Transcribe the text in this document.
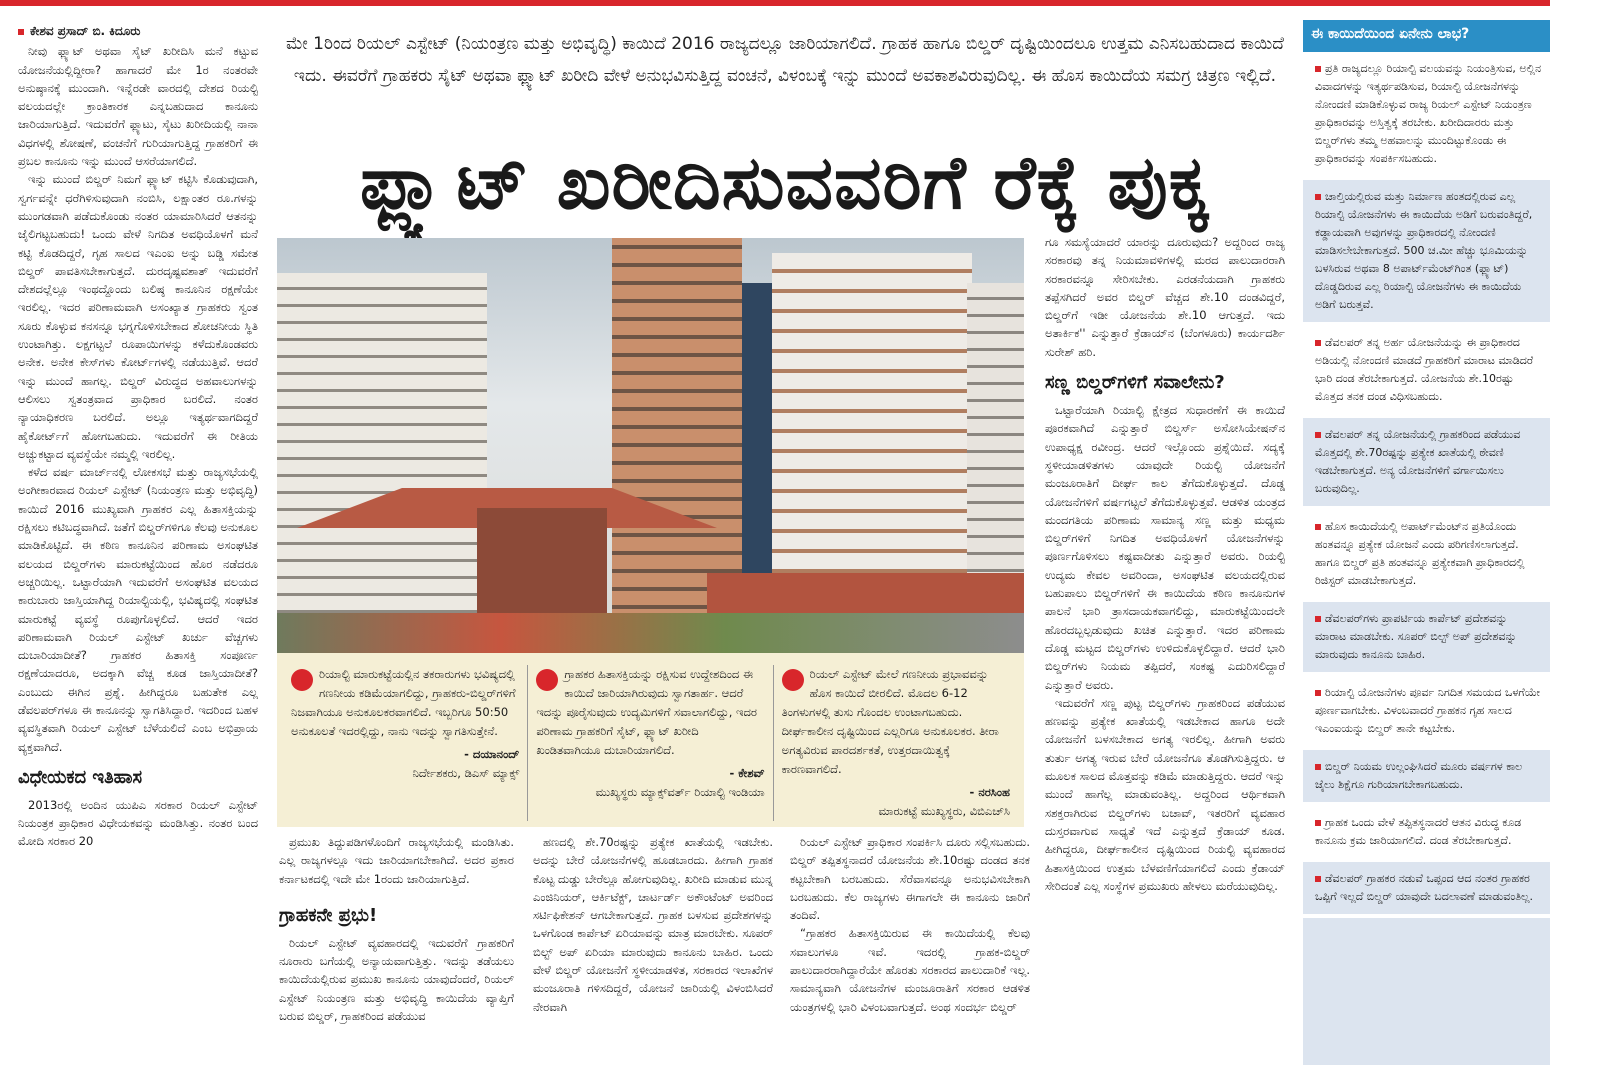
ಕೇಶವ ಪ್ರಸಾದ್ ಬಿ. ಕಿದೂರು

ನೀವು ಫ್ಲ್ಯಾಟ್ ಅಥವಾ ಸೈಟ್ ಖರೀದಿಸಿ ಮನೆ ಕಟ್ಟುವ ಯೋಜನೆಯಲ್ಲಿದ್ದೀರಾ? ಹಾಗಾದರೆ ಮೇ 1ರ ನಂತರವೇ ಅನುಷ್ಠಾನಕ್ಕೆ ಮುಂದಾಗಿ. ಇನ್ನೆರಡೇ ವಾರದಲ್ಲಿ ದೇಶದ ರಿಯಲ್ಟಿ ವಲಯದಲ್ಲೇ ಕ್ರಾಂತಿಕಾರಕ ಎನ್ನಬಹುದಾದ ಕಾನೂನು ಜಾರಿಯಾಗುತ್ತಿದೆ. ಇದುವರೆಗೆ ಫ್ಲ್ಯಾಟು, ಸೈಟು ಖರೀದಿಯಲ್ಲಿ ನಾನಾ ವಿಧಗಳಲ್ಲಿ ಶೋಷಣೆ, ವಂಚನೆಗೆ ಗುರಿಯಾಗುತ್ತಿದ್ದ ಗ್ರಾಹಕರಿಗೆ ಈ ಪ್ರಬಲ ಕಾನೂನು ಇನ್ನು ಮುಂದೆ ಆಸರೆಯಾಗಲಿದೆ.

ಇನ್ನು ಮುಂದೆ ಬಿಲ್ಡರ್ ನಿಮಗೆ ಫ್ಲ್ಯಾಟ್ ಕಟ್ಟಿಸಿ ಕೊಡುವುದಾಗಿ, ಸ್ವರ್ಗವನ್ನೇ ಧರೆಗಿಳಿಸುವುದಾಗಿ ನಂಬಿಸಿ, ಲಕ್ಷಾಂತರ ರೂ.ಗಳನ್ನು ಮುಂಗಡವಾಗಿ ಪಡೆದುಕೊಂಡು ನಂತರ ಯಾಮಾರಿಸಿದರೆ ಆತನನ್ನು ಜೈಲಿಗಟ್ಟಬಹುದು! ಒಂದು ವೇಳೆ ನಿಗದಿತ ಅವಧಿಯೊಳಗೆ ಮನೆ ಕಟ್ಟಿ ಕೊಡದಿದ್ದರೆ, ಗೃಹ ಸಾಲದ ಇಎಂಐ ಅನ್ನು ಬಡ್ಡಿ ಸಮೇತ ಬಿಲ್ಡರ್ ಪಾವತಿಸಬೇಕಾಗುತ್ತದೆ. ದುರದೃಷ್ಟವಶಾತ್ ಇದುವರೆಗೆ ದೇಶದಲ್ಲೆಲ್ಲೂ ಇಂಥದ್ದೊಂದು ಬಲಿಷ್ಠ ಕಾನೂನಿನ ರಕ್ಷಣೆಯೇ ಇರಲಿಲ್ಲ. ಇದರ ಪರಿಣಾಮವಾಗಿ ಅಸಂಖ್ಯಾತ ಗ್ರಾಹಕರು ಸ್ವಂತ ಸೂರು ಕೊಳ್ಳುವ ಕನಸನ್ನೂ ಭಗ್ನಗೊಳಿಸಬೇಕಾದ ಶೋಚನೀಯ ಸ್ಥಿತಿ ಉಂಟಾಗಿತ್ತು. ಲಕ್ಷಗಟ್ಟಲೆ ರೂಪಾಯಿಗಳನ್ನು ಕಳೆದುಕೊಂಡವರು ಅನೇಕ. ಅನೇಕ ಕೇಸ್‌ಗಳು ಕೋರ್ಟ್‌ಗಳಲ್ಲಿ ನಡೆಯುತ್ತಿವೆ. ಆದರೆ ಇನ್ನು ಮುಂದೆ ಹಾಗಲ್ಲ. ಬಿಲ್ಡರ್ ವಿರುದ್ಧದ ಅಹವಾಲುಗಳನ್ನು ಆಲಿಸಲು ಸ್ವತಂತ್ರವಾದ ಪ್ರಾಧಿಕಾರ ಬರಲಿದೆ. ನಂತರ ನ್ಯಾಯಾಧಿಕರಣ ಬರಲಿದೆ. ಅಲ್ಲೂ ಇತ್ಯರ್ಥವಾಗದಿದ್ದರೆ ಹೈಕೋರ್ಟ್‌ಗೆ ಹೋಗಬಹುದು. ಇದುವರೆಗೆ ಈ ರೀತಿಯ ಅಚ್ಚುಕಟ್ಟಾದ ವ್ಯವಸ್ಥೆಯೇ ನಮ್ಮಲ್ಲಿ ಇರಲಿಲ್ಲ.

ಕಳೆದ ವರ್ಷ ಮಾರ್ಚ್‌ನಲ್ಲಿ ಲೋಕಸಭೆ ಮತ್ತು ರಾಜ್ಯಸಭೆಯಲ್ಲಿ ಅಂಗೀಕಾರವಾದ ರಿಯಲ್ ಎಸ್ಟೇಟ್ (ನಿಯಂತ್ರಣ ಮತ್ತು ಅಭಿವೃದ್ಧಿ) ಕಾಯಿದೆ 2016 ಮುಖ್ಯವಾಗಿ ಗ್ರಾಹಕರ ಎಲ್ಲ ಹಿತಾಸಕ್ತಿಯನ್ನು ರಕ್ಷಿಸಲು ಕಟಿಬದ್ಧವಾಗಿದೆ. ಜತೆಗೆ ಬಿಲ್ಡರ್‌ಗಳಿಗೂ ಕೆಲವು ಅನುಕೂಲ ಮಾಡಿಕೊಟ್ಟಿದೆ. ಈ ಕಠಿಣ ಕಾನೂನಿನ ಪರಿಣಾಮ ಅಸಂಘಟಿತ ವಲಯದ ಬಿಲ್ಡರ್‌ಗಳು ಮಾರುಕಟ್ಟೆಯಿಂದ ಹೊರ ನಡೆದರೂ ಅಚ್ಚರಿಯಿಲ್ಲ. ಒಟ್ಟಾರೆಯಾಗಿ ಇದುವರೆಗೆ ಅಸಂಘಟಿತ ವಲಯದ ಕಾರುಬಾರು ಜಾಸ್ತಿಯಾಗಿದ್ದ ರಿಯಾಲ್ಟಿಯಲ್ಲಿ, ಭವಿಷ್ಯದಲ್ಲಿ ಸಂಘಟಿತ ಮಾರುಕಟ್ಟೆ ವ್ಯವಸ್ಥೆ ರೂಪುಗೊಳ್ಳಲಿದೆ. ಆದರೆ ಇದರ ಪರಿಣಾಮವಾಗಿ ರಿಯಲ್ ಎಸ್ಟೇಟ್ ಖರ್ಚು ವೆಚ್ಚಗಳು ದುಬಾರಿಯಾದೀತೆ? ಗ್ರಾಹಕರ ಹಿತಾಸಕ್ತಿ ಸಂಪೂರ್ಣ ರಕ್ಷಣೆಯಾದರೂ, ಅದಕ್ಕಾಗಿ ವೆಚ್ಚ ಕೂಡ ಜಾಸ್ತಿಯಾದೀತೆ? ಎಂಬುದು ಈಗಿನ ಪ್ರಶ್ನೆ. ಹೀಗಿದ್ದರೂ ಬಹುತೇಕ ಎಲ್ಲ ಡೆವಲಪರ್‌ಗಳೂ ಈ ಕಾನೂನನ್ನು ಸ್ವಾಗತಿಸಿದ್ದಾರೆ. ಇದರಿಂದ ಬಹಳ ವ್ಯವಸ್ಥಿತವಾಗಿ ರಿಯಲ್ ಎಸ್ಟೇಟ್ ಬೆಳೆಯಲಿದೆ ಎಂಬ ಅಭಿಪ್ರಾಯ ವ್ಯಕ್ತವಾಗಿದೆ.

ವಿಧೇಯಕದ ಇತಿಹಾಸ

2013ರಲ್ಲಿ ಅಂದಿನ ಯುಪಿಎ ಸರಕಾರ ರಿಯಲ್ ಎಸ್ಟೇಟ್ ನಿಯಂತ್ರಕ ಪ್ರಾಧಿಕಾರ ವಿಧೇಯಕವನ್ನು ಮಂಡಿಸಿತ್ತು. ನಂತರ ಬಂದ ಮೋದಿ ಸರಕಾರ 20

ಮೇ 1ರಿಂದ ರಿಯಲ್ ಎಸ್ಟೇಟ್ (ನಿಯಂತ್ರಣ ಮತ್ತು ಅಭಿವೃದ್ಧಿ) ಕಾಯಿದೆ 2016 ರಾಜ್ಯದಲ್ಲೂ ಜಾರಿಯಾಗಲಿದೆ. ಗ್ರಾಹಕ ಹಾಗೂ ಬಿಲ್ಡರ್ ದೃಷ್ಟಿಯಿಂದಲೂ ಉತ್ತಮ ಎನಿಸಬಹುದಾದ ಕಾಯಿದೆ ಇದು. ಈವರೆಗೆ ಗ್ರಾಹಕರು ಸೈಟ್ ಅಥವಾ ಫ್ಲ್ಯಾಟ್ ಖರೀದಿ ವೇಳೆ ಅನುಭವಿಸುತ್ತಿದ್ದ ವಂಚನೆ, ವಿಳಂಬಕ್ಕೆ ಇನ್ನು ಮುಂದೆ ಅವಕಾಶವಿರುವುದಿಲ್ಲ. ಈ ಹೊಸ ಕಾಯಿದೆಯ ಸಮಗ್ರ ಚಿತ್ರಣ ಇಲ್ಲಿದೆ.
ಫ್ಲ್ಯಾಟ್ ಖರೀದಿಸುವವರಿಗೆ ರೆಕ್ಕೆ ಪುಕ್ಕ
ರಿಯಾಲ್ಟಿ ಮಾರುಕಟ್ಟೆಯಲ್ಲಿನ ತಕರಾರುಗಳು ಭವಿಷ್ಯದಲ್ಲಿ ಗಣನೀಯ ಕಡಿಮೆಯಾಗಲಿದ್ದು, ಗ್ರಾಹಕರು-ಬಿಲ್ಡರ್‌ಗಳಿಗೆ ನಿಜವಾಗಿಯೂ ಅನುಕೂಲಕರವಾಗಲಿದೆ. ಇಬ್ಬರಿಗೂ 50:50 ಅನುಕೂಲತೆ ಇದರಲ್ಲಿದ್ದು, ನಾನು ಇದನ್ನು ಸ್ವಾಗತಿಸುತ್ತೇನೆ.
- ದಯಾನಂದ್
ನಿರ್ದೇಶಕರು, ಡಿಎಸ್ ಮ್ಯಾಕ್ಸ್
ಗ್ರಾಹಕರ ಹಿತಾಸಕ್ತಿಯನ್ನು ರಕ್ಷಿಸುವ ಉದ್ದೇಶದಿಂದ ಈ ಕಾಯಿದೆ ಜಾರಿಯಾಗಿರುವುದು ಸ್ವಾಗತಾರ್ಹ. ಆದರೆ ಇದನ್ನು ಪೂರೈಸುವುದು ಉದ್ಯಮಿಗಳಿಗೆ ಸವಾಲಾಗಲಿದ್ದು, ಇದರ ಪರಿಣಾಮ ಗ್ರಾಹಕರಿಗೆ ಸೈಟ್, ಫ್ಲ್ಯಾಟ್ ಖರೀದಿ ಖಂಡಿತವಾಗಿಯೂ ದುಬಾರಿಯಾಗಲಿದೆ.
- ಕೇಶವ್
ಮುಖ್ಯಸ್ಥರು ಮ್ಯಾಕ್ಸ್‌ವರ್ತ್ ರಿಯಾಲ್ಟಿ ಇಂಡಿಯಾ
ರಿಯಲ್ ಎಸ್ಟೇಟ್ ಮೇಲೆ ಗಣನೀಯ ಪ್ರಭಾವವನ್ನು ಹೊಸ ಕಾಯಿದೆ ಬೀರಲಿದೆ. ಮೊದಲ 6-12 ತಿಂಗಳುಗಳಲ್ಲಿ ತುಸು ಗೊಂದಲ ಉಂಟಾಗಬಹುದು. ದೀರ್ಘಕಾಲೀನ ದೃಷ್ಟಿಯಿಂದ ಎಲ್ಲರಿಗೂ ಅನುಕೂಲಕರ. ತೀರಾ ಅಗತ್ಯವಿರುವ ಪಾರದರ್ಶಕತೆ, ಉತ್ತರದಾಯಿತ್ವಕ್ಕೆ ಕಾರಣವಾಗಲಿದೆ.
- ನರಸಿಂಹ
ಮಾರುಕಟ್ಟೆ ಮುಖ್ಯಸ್ಥರು, ವಿಬಿಎಚ್‌ಸಿ

ಪ್ರಮುಖ ತಿದ್ದುಪಡಿಗಳೊಂದಿಗೆ ರಾಜ್ಯಸಭೆಯಲ್ಲಿ ಮಂಡಿಸಿತು. ಎಲ್ಲ ರಾಜ್ಯಗಳಲ್ಲೂ ಇದು ಜಾರಿಯಾಗಬೇಕಾಗಿದೆ. ಅದರ ಪ್ರಕಾರ ಕರ್ನಾಟಕದಲ್ಲಿ ಇದೇ ಮೇ 1ರಂದು ಜಾರಿಯಾಗುತ್ತಿದೆ.

ಗ್ರಾಹಕನೇ ಪ್ರಭು!

ರಿಯಲ್ ಎಸ್ಟೇಟ್ ವ್ಯವಹಾರದಲ್ಲಿ ಇದುವರೆಗೆ ಗ್ರಾಹಕರಿಗೆ ನೂರಾರು ಬಗೆಯಲ್ಲಿ ಅನ್ಯಾಯವಾಗುತ್ತಿತ್ತು. ಇದನ್ನು ತಡೆಯಲು ಕಾಯಿದೆಯಲ್ಲಿರುವ ಪ್ರಮುಖ ಕಾನೂನು ಯಾವುದೆಂದರೆ, ರಿಯಲ್ ಎಸ್ಟೇಟ್ ನಿಯಂತ್ರಣ ಮತ್ತು ಅಭಿವೃದ್ಧಿ ಕಾಯಿದೆಯ ವ್ಯಾಪ್ತಿಗೆ ಬರುವ ಬಿಲ್ಡರ್, ಗ್ರಾಹಕರಿಂದ ಪಡೆಯುವ

ಹಣದಲ್ಲಿ ಶೇ.70ರಷ್ಟನ್ನು ಪ್ರತ್ಯೇಕ ಖಾತೆಯಲ್ಲಿ ಇಡಬೇಕು. ಅದನ್ನು ಬೇರೆ ಯೋಜನೆಗಳಲ್ಲಿ ಹೂಡಬಾರದು. ಹೀಗಾಗಿ ಗ್ರಾಹಕ ಕೊಟ್ಟ ದುಡ್ಡು ಬೇರೆಲ್ಲೂ ಹೋಗುವುದಿಲ್ಲ. ಖರೀದಿ ಮಾಡುವ ಮುನ್ನ ಎಂಜಿನಿಯರ್, ಆರ್ಕಿಟೆಕ್ಟ್, ಚಾರ್ಟರ್ಡ್ ಅಕೌಂಟೆಂಟ್ ಅವರಿಂದ ಸರ್ಟಿಫಿಕೇಶನ್ ಆಗಬೇಕಾಗುತ್ತದೆ. ಗ್ರಾಹಕ ಬಳಸುವ ಪ್ರದೇಶಗಳನ್ನು ಒಳಗೊಂಡ ಕಾರ್ಪೆಟ್ ಏರಿಯಾವನ್ನು ಮಾತ್ರ ಮಾರಬೇಕು. ಸೂಪರ್ ಬಿಲ್ಟ್ ಅಪ್ ಏರಿಯಾ ಮಾರುವುದು ಕಾನೂನು ಬಾಹಿರ. ಒಂದು ವೇಳೆ ಬಿಲ್ಡರ್ ಯೋಜನೆಗೆ ಸ್ಥಳೀಯಾಡಳಿತ, ಸರಕಾರದ ಇಲಾಖೆಗಳ ಮಂಜೂರಾತಿ ಗಳಿಸದಿದ್ದರೆ, ಯೋಜನೆ ಜಾರಿಯಲ್ಲಿ ವಿಳಂಬಿಸಿದರೆ ನೇರವಾಗಿ

ರಿಯಲ್ ಎಸ್ಟೇಟ್ ಪ್ರಾಧಿಕಾರ ಸಂಪರ್ಕಿಸಿ ದೂರು ಸಲ್ಲಿಸಬಹುದು. ಬಿಲ್ಡರ್ ತಪ್ಪಿತಸ್ಥನಾದರೆ ಯೋಜನೆಯ ಶೇ.10ರಷ್ಟು ದಂಡದ ತನಕ ಕಟ್ಟಬೇಕಾಗಿ ಬರಬಹುದು. ಸೆರೆವಾಸವನ್ನೂ ಅನುಭವಿಸಬೇಕಾಗಿ ಬರಬಹುದು. ಕೆಲ ರಾಜ್ಯಗಳು ಈಗಾಗಲೇ ಈ ಕಾನೂನು ಜಾರಿಗೆ ತಂದಿವೆ.

“ಗ್ರಾಹಕರ ಹಿತಾಸಕ್ತಿಯಿರುವ ಈ ಕಾಯಿದೆಯಲ್ಲಿ ಕೆಲವು ಸವಾಲುಗಳೂ ಇವೆ. ಇದರಲ್ಲಿ ಗ್ರಾಹಕ-ಬಿಲ್ಡರ್ ಪಾಲುದಾರರಾಗಿದ್ದಾರೆಯೇ ಹೊರತು ಸರಕಾರದ ಪಾಲುದಾರಿಕೆ ಇಲ್ಲ. ಸಾಮಾನ್ಯವಾಗಿ ಯೋಜನೆಗಳ ಮಂಜೂರಾತಿಗೆ ಸರಕಾರ ಆಡಳಿತ ಯಂತ್ರಗಳಲ್ಲಿ ಭಾರಿ ವಿಳಂಬವಾಗುತ್ತದೆ. ಅಂಥ ಸಂದರ್ಭ ಬಿಲ್ಡರ್

ಗೂ ಸಮಸ್ಯೆಯಾದರೆ ಯಾರನ್ನು ದೂರುವುದು? ಅದ್ದರಿಂದ ರಾಜ್ಯ ಸರಕಾರವು ತನ್ನ ನಿಯಮಾವಳಿಗಳಲ್ಲಿ ಮರದ ಪಾಲುದಾರರಾಗಿ ಸರಕಾರವನ್ನೂ ಸೇರಿಸಬೇಕು. ಎರಡನೆಯದಾಗಿ ಗ್ರಾಹಕರು ತಪ್ಪೆಸಗಿದರೆ ಅವರ ಬಿಲ್ಡರ್ ವೆಚ್ಚದ ಶೇ.10 ದಂಡವಿದ್ದರೆ, ಬಿಲ್ಡರ್‌ಗೆ ಇಡೀ ಯೋಜನೆಯ ಶೇ.10 ಆಗುತ್ತದೆ. ಇದು ಅತಾರ್ಕಿಕ'' ಎನ್ನುತ್ತಾರೆ ಕ್ರೆಡಾಯ್‌ನ (ಬೆಂಗಳೂರು) ಕಾರ್ಯದರ್ಶಿ ಸುರೇಶ್ ಹರಿ.

ಸಣ್ಣ ಬಿಲ್ಡರ್‌ಗಳಿಗೆ ಸವಾಲೇನು?

ಒಟ್ಟಾರೆಯಾಗಿ ರಿಯಾಲ್ಟಿ ಕ್ಷೇತ್ರದ ಸುಧಾರಣೆಗೆ ಈ ಕಾಯಿದೆ ಪೂರಕವಾಗಿದೆ ಎನ್ನುತ್ತಾರೆ ಬಿಲ್ಡರ್ಸ್ ಅಸೋಸಿಯೇಷನ್‌ನ ಉಪಾಧ್ಯಕ್ಷ ರವೀಂದ್ರ. ಆದರೆ ಇಲ್ಲೊಂದು ಪ್ರಶ್ನೆಯಿದೆ. ಸದ್ಯಕ್ಕೆ ಸ್ಥಳೀಯಾಡಳಿತಗಳು ಯಾವುದೇ ರಿಯಲ್ಟಿ ಯೋಜನೆಗೆ ಮಂಜೂರಾತಿಗೆ ದೀರ್ಘ ಕಾಲ ತೆಗೆದುಕೊಳ್ಳುತ್ತದೆ. ದೊಡ್ಡ ಯೋಜನೆಗಳಿಗೆ ವರ್ಷಗಟ್ಟಲೆ ತೆಗೆದುಕೊಳ್ಳುತ್ತವೆ. ಆಡಳಿತ ಯಂತ್ರದ ಮಂದಗತಿಯ ಪರಿಣಾಮ ಸಾಮಾನ್ಯ ಸಣ್ಣ ಮತ್ತು ಮಧ್ಯಮ ಬಿಲ್ಡರ್‌ಗಳಿಗೆ ನಿಗದಿತ ಅವಧಿಯೊಳಗೆ ಯೋಜನೆಗಳನ್ನು ಪೂರ್ಣಗೊಳಿಸಲು ಕಷ್ಟವಾದೀತು ಎನ್ನುತ್ತಾರೆ ಅವರು. ರಿಯಲ್ಟಿ ಉದ್ಯಮ ಕೇವಲ ಅವರಿಂದಾ, ಅಸಂಘಟಿತ ವಲಯದಲ್ಲಿರುವ ಬಹುಪಾಲು ಬಿಲ್ಡರ್‌ಗಳಿಗೆ ಈ ಕಾಯಿದೆಯ ಕಠಿಣ ಕಾನೂನುಗಳ ಪಾಲನೆ ಭಾರಿ ತ್ರಾಸದಾಯಕವಾಗಲಿದ್ದು, ಮಾರುಕಟ್ಟೆಯಿಂದಲೇ ಹೊರದಬ್ಬಲ್ಪಡುವುದು ಖಚಿತ ಎನ್ನುತ್ತಾರೆ. ಇದರ ಪರಿಣಾಮ ದೊಡ್ಡ ಮಟ್ಟದ ಬಿಲ್ಡರ್‌ಗಳು ಉಳಿದುಕೊಳ್ಳಲಿದ್ದಾರೆ. ಆದರೆ ಭಾರಿ ಬಿಲ್ಡರ್‌ಗಳು ನಿಯಮ ತಪ್ಪಿದರೆ, ಸಂಕಷ್ಟ ಎದುರಿಸಲಿದ್ದಾರೆ ಎನ್ನುತ್ತಾರೆ ಅವರು.

ಇದುವರೆಗೆ ಸಣ್ಣ ಪುಟ್ಟ ಬಿಲ್ಡರ್‌ಗಳು ಗ್ರಾಹಕರಿಂದ ಪಡೆಯುವ ಹಣವನ್ನು ಪ್ರತ್ಯೇಕ ಖಾತೆಯಲ್ಲಿ ಇಡಬೇಕಾದ ಹಾಗೂ ಅದೇ ಯೋಜನೆಗೆ ಬಳಸಬೇಕಾದ ಅಗತ್ಯ ಇರಲಿಲ್ಲ. ಹೀಗಾಗಿ ಅವರು ತುರ್ತು ಅಗತ್ಯ ಇರುವ ಬೇರೆ ಯೋಜನೆಗೂ ತೊಡಗಿಸುತ್ತಿದ್ದರು. ಆ ಮೂಲಕ ಸಾಲದ ಮೊತ್ತವನ್ನು ಕಡಿಮೆ ಮಾಡುತ್ತಿದ್ದರು. ಆದರೆ ಇನ್ನು ಮುಂದೆ ಹಾಗೆಲ್ಲ ಮಾಡುವಂತಿಲ್ಲ. ಅದ್ದರಿಂದ ಆರ್ಥಿಕವಾಗಿ ಸಶಕ್ತರಾಗಿರುವ ಬಿಲ್ಡರ್‌ಗಳು ಬಚಾವ್, ಇತರರಿಗೆ ವ್ಯವಹಾರ ದುಸ್ತರವಾಗುವ ಸಾಧ್ಯತೆ ಇದೆ ಎನ್ನುತ್ತದೆ ಕ್ರೆಡಾಯ್ ಕೂಡ. ಹೀಗಿದ್ದರೂ, ದೀರ್ಘಕಾಲೀನ ದೃಷ್ಟಿಯಿಂದ ರಿಯಲ್ಟಿ ವ್ಯವಹಾರದ ಹಿತಾಸಕ್ತಿಯಿಂದ ಉತ್ತಮ ಬೆಳವಣಿಗೆಯಾಗಲಿದೆ ಎಂದು ಕ್ರೆಡಾಯ್ ಸೇರಿದಂತೆ ಎಲ್ಲ ಸಂಸ್ಥೆಗಳ ಪ್ರಮುಖರು ಹೇಳಲು ಮರೆಯುವುದಿಲ್ಲ.

ಈ ಕಾಯಿದೆಯಿಂದ ಏನೇನು ಲಾಭ?
ಪ್ರತಿ ರಾಜ್ಯದಲ್ಲೂ ರಿಯಾಲ್ಟಿ ವಲಯವನ್ನು ನಿಯಂತ್ರಿಸುವ, ಅಲ್ಲಿನ ವಿವಾದಗಳನ್ನು ಇತ್ಯರ್ಥಪಡಿಸುವ, ರಿಯಾಲ್ಟಿ ಯೋಜನೆಗಳನ್ನು ನೋಂದಣಿ ಮಾಡಿಕೊಳ್ಳುವ ರಾಜ್ಯ ರಿಯಲ್ ಎಸ್ಟೇಟ್ ನಿಯಂತ್ರಣ ಪ್ರಾಧಿಕಾರವನ್ನು ಅಸ್ತಿತ್ವಕ್ಕೆ ತರಬೇಕು. ಖರೀದಿದಾರರು ಮತ್ತು ಬಿಲ್ಡರ್‌ಗಳು ತಮ್ಮ ಅಹವಾಲನ್ನು ಮುಂದಿಟ್ಟುಕೊಂಡು ಈ ಪ್ರಾಧಿಕಾರವನ್ನು ಸಂಪರ್ಕಿಸಬಹುದು.
ಚಾಲ್ತಿಯಲ್ಲಿರುವ ಮತ್ತು ನಿರ್ಮಾಣ ಹಂತದಲ್ಲಿರುವ ಎಲ್ಲ ರಿಯಾಲ್ಟಿ ಯೋಜನೆಗಳು ಈ ಕಾಯಿದೆಯ ಅಡಿಗೆ ಬರುವಂತಿದ್ದರೆ, ಕಡ್ಡಾಯವಾಗಿ ಅವುಗಳನ್ನು ಪ್ರಾಧಿಕಾರದಲ್ಲಿ ನೋಂದಣಿ ಮಾಡಿಸಲೇಬೇಕಾಗುತ್ತದೆ. 500 ಚ.ಮೀ ಹೆಚ್ಚು ಭೂಮಿಯನ್ನು ಬಳಸಿರುವ ಅಥವಾ 8 ಅಪಾರ್ಟ್‌ಮೆಂಟ್‌ಗಿಂತ (ಫ್ಲ್ಯಾಟ್) ದೊಡ್ಡದಿರುವ ಎಲ್ಲ ರಿಯಾಲ್ಟಿ ಯೋಜನೆಗಳು ಈ ಕಾಯಿದೆಯ ಅಡಿಗೆ ಬರುತ್ತವೆ.
ಡೆವಲಪರ್ ತನ್ನ ಅರ್ಹ ಯೋಜನೆಯನ್ನು ಈ ಪ್ರಾಧಿಕಾರದ ಅಡಿಯಲ್ಲಿ ನೋಂದಣಿ ಮಾಡದೆ ಗ್ರಾಹಕರಿಗೆ ಮಾರಾಟ ಮಾಡಿದರೆ ಭಾರಿ ದಂಡ ತೆರಬೇಕಾಗುತ್ತದೆ. ಯೋಜನೆಯ ಶೇ.10ರಷ್ಟು ಮೊತ್ತದ ತನಕ ದಂಡ ವಿಧಿಸಬಹುದು.
ಡೆವಲಪರ್ ತನ್ನ ಯೋಜನೆಯಲ್ಲಿ ಗ್ರಾಹಕರಿಂದ ಪಡೆಯುವ ಮೊತ್ತದಲ್ಲಿ ಶೇ.70ರಷ್ಟನ್ನು ಪ್ರತ್ಯೇಕ ಖಾತೆಯಲ್ಲಿ ಠೇವಣಿ ಇಡಬೇಕಾಗುತ್ತದೆ. ಅನ್ಯ ಯೋಜನೆಗಳಿಗೆ ವರ್ಗಾಯಿಸಲು ಬರುವುದಿಲ್ಲ.
ಹೊಸ ಕಾಯಿದೆಯಲ್ಲಿ ಅಪಾರ್ಟ್‌ಮೆಂಟ್‌ನ ಪ್ರತಿಯೊಂದು ಹಂತವನ್ನೂ ಪ್ರತ್ಯೇಕ ಯೋಜನೆ ಎಂದು ಪರಿಗಣಿಸಲಾಗುತ್ತದೆ. ಹಾಗೂ ಬಿಲ್ಡರ್ ಪ್ರತಿ ಹಂತವನ್ನೂ ಪ್ರತ್ಯೇಕವಾಗಿ ಪ್ರಾಧಿಕಾರದಲ್ಲಿ ರಿಜಿಸ್ಟರ್ ಮಾಡಬೇಕಾಗುತ್ತದೆ.
ಡೆವಲಪರ್‌ಗಳು ಪ್ರಾಪರ್ಟಿಯ ಕಾರ್ಪೆಟ್ ಪ್ರದೇಶವನ್ನು ಮಾರಾಟ ಮಾಡಬೇಕು. ಸೂಪರ್ ಬಿಲ್ಟ್ ಅಪ್ ಪ್ರದೇಶವನ್ನು ಮಾರುವುದು ಕಾನೂನು ಬಾಹಿರ.
ರಿಯಾಲ್ಟಿ ಯೋಜನೆಗಳು ಪೂರ್ವ ನಿಗದಿತ ಸಮಯದ ಒಳಗೆಯೇ ಪೂರ್ಣವಾಗಬೇಕು. ವಿಳಂಬವಾದರೆ ಗ್ರಾಹಕನ ಗೃಹ ಸಾಲದ ಇಎಂಐಯನ್ನು ಬಿಲ್ಡರ್ ತಾನೇ ಕಟ್ಟಬೇಕು.
ಬಿಲ್ಡರ್ ನಿಯಮ ಉಲ್ಲಂಘಿಸಿದರೆ ಮೂರು ವರ್ಷಗಳ ಕಾಲ ಜೈಲು ಶಿಕ್ಷೆಗೂ ಗುರಿಯಾಗಬೇಕಾಗಬಹುದು.
ಗ್ರಾಹಕ ಒಂದು ವೇಳೆ ತಪ್ಪಿತಸ್ಥನಾದರೆ ಆತನ ವಿರುದ್ಧ ಕೂಡ ಕಾನೂನು ಕ್ರಮ ಜಾರಿಯಾಗಲಿದೆ. ದಂಡ ತೆರಬೇಕಾಗುತ್ತದೆ.
ಡೆವಲಪರ್ ಗ್ರಾಹಕರ ನಡುವೆ ಒಪ್ಪಂದ ಆದ ನಂತರ ಗ್ರಾಹಕರ ಒಪ್ಪಿಗೆ ಇಲ್ಲದೆ ಬಿಲ್ಡರ್ ಯಾವುದೇ ಬದಲಾವಣೆ ಮಾಡುವಂತಿಲ್ಲ.
